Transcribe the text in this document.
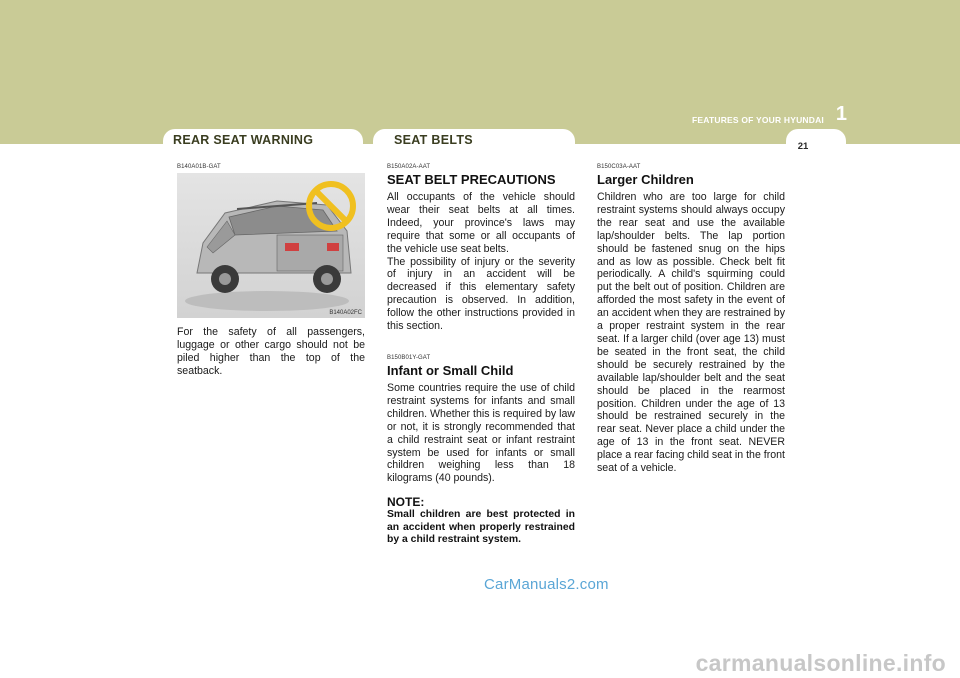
1
FEATURES OF YOUR HYUNDAI
REAR SEAT WARNING	SEAT BELTS	21
B140A01B-GAT
B140A02FC
For the safety of all passengers, luggage or other cargo should not be piled higher than the top of the seatback.
B150A02A-AAT
SEAT BELT PRECAUTIONS
All occupants of the vehicle should wear their seat belts at all times. Indeed, your province's laws may require that some or all occupants of the vehicle use seat belts.
The possibility of injury or the severity of injury in an accident will be decreased if this elementary safety precaution is observed. In addition, follow the other instructions provided in this section.
B150B01Y-GAT
Infant or Small Child
Some countries require the use of child restraint systems for infants and small children. Whether this is required by law or not, it is strongly recommended that a child restraint seat or infant restraint system be used for infants or small children weighing less than 18 kilograms (40 pounds).
NOTE:
Small children are best protected in an accident when properly restrained by a child restraint system.
B150C03A-AAT
Larger Children
Children who are too large for child restraint systems should always occupy the rear seat and use the available lap/shoulder belts. The lap portion should be fastened snug on the hips and as low as possible. Check belt fit periodically. A child's squirming could put the belt out of position. Children are afforded the most safety in the event of an accident when they are restrained by a proper restraint system in the rear seat. If a larger child (over age 13) must be seated in the front seat, the child should be securely restrained by the available lap/shoulder belt and the seat should be placed in the rearmost position. Children under the age of 13 should be restrained securely in the rear seat. Never place a child under the age of 13 in the front seat. NEVER place a rear facing child seat in the front seat of a vehicle.
CarManuals2.com
carmanualsonline.info
